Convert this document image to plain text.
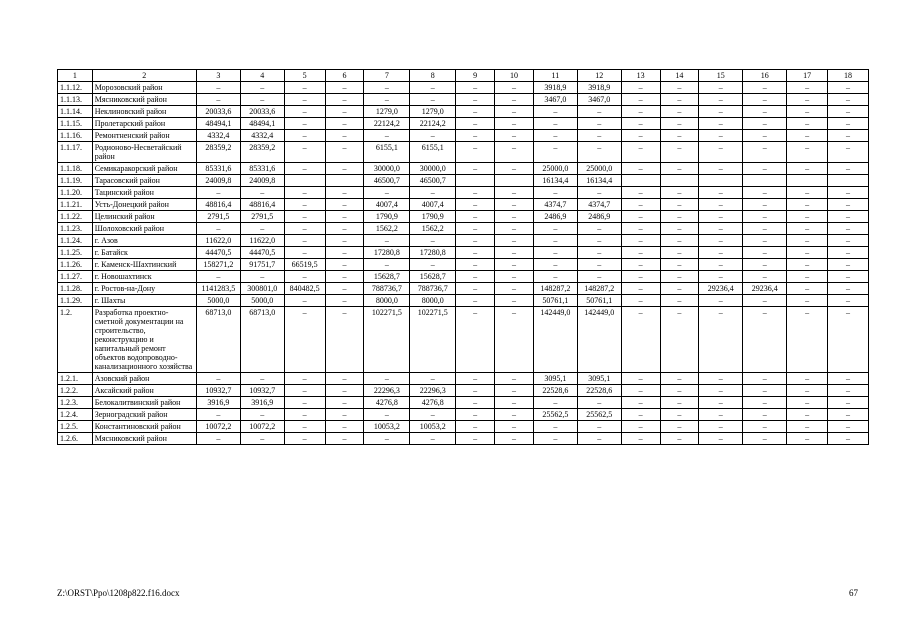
1	2	3	4	5	6	7	8	9	10	11	12	13	14	15	16	17	18
1.1.12.	Морозовский район	–	–	–	–	–	–	–	–	3918,9	3918,9	–	–	–	–	–	–
1.1.13.	Мясниковский район	–	–	–	–	–	–	–	–	3467,0	3467,0	–	–	–	–	–	–
1.1.14.	Неклиновский район	20033,6	20033,6	–	–	1279,0	1279,0	–	–	–	–	–	–	–	–	–	–
1.1.15.	Пролетарский район	48494,1	48494,1	–	–	22124,2	22124,2	–	–	–	–	–	–	–	–	–	–
1.1.16.	Ремонтненский район	4332,4	4332,4	–	–	–	–	–	–	–	–	–	–	–	–	–	–
1.1.17.	Родионово-Несветайский район	28359,2	28359,2	–	–	6155,1	6155,1	–	–	–	–	–	–	–	–	–	–
1.1.18.	Семикаракорский район	85331,6	85331,6	–	–	30000,0	30000,0	–	–	25000,0	25000,0	–	–	–	–	–	–
1.1.19.	Тарасовский район	24009,8	24009,8			46500,7	46500,7			16134,4	16134,4						
1.1.20.	Тацинский район	–	–	–	–	–	–	–	–	–	–	–	–	–	–	–	–
1.1.21.	Усть-Донецкий район	48816,4	48816,4	–	–	4007,4	4007,4	–	–	4374,7	4374,7	–	–	–	–	–	–
1.1.22.	Целинский район	2791,5	2791,5	–	–	1790,9	1790,9	–	–	2486,9	2486,9	–	–	–	–	–	–
1.1.23.	Шолоховский район	–	–	–	–	1562,2	1562,2	–	–	–	–	–	–	–	–	–	–
1.1.24.	г. Азов	11622,0	11622,0	–	–	–	–	–	–	–	–	–	–	–	–	–	–
1.1.25.	г. Батайск	44470,5	44470,5	–	–	17280,8	17280,8	–	–	–	–	–	–	–	–	–	–
1.1.26.	г. Каменск-Шахтинский	158271,2	91751,7	66519,5	–	–	–	–	–	–	–	–	–	–	–	–	–
1.1.27.	г. Новошахтинск	–	–	–	–	15628,7	15628,7	–	–	–	–	–	–	–	–	–	–
1.1.28.	г. Ростов-на-Дону	1141283,5	300801,0	840482,5	–	788736,7	788736,7	–	–	148287,2	148287,2	–	–	29236,4	29236,4	–	–
1.1.29.	г. Шахты	5000,0	5000,0	–	–	8000,0	8000,0	–	–	50761,1	50761,1	–	–	–	–	–	–
1.2.	Разработка проектно-сметной документации на строительство, реконструкцию и капитальный ремонт объектов водопроводно-канализационного хозяйства	68713,0	68713,0	–	–	102271,5	102271,5	–	–	142449,0	142449,0	–	–	–	–	–	–
1.2.1.	Азовский район	–	–	–	–	–	–	–	–	3095,1	3095,1	–	–	–	–	–	–
1.2.2.	Аксайский район	10932,7	10932,7	–	–	22296,3	22296,3	–	–	22528,6	22528,6	–	–	–	–	–	–
1.2.3.	Белокалитвинский район	3916,9	3916,9	–	–	4276,8	4276,8	–	–	–	–	–	–	–	–	–	–
1.2.4.	Зерноградский район	–	–	–	–	–	–	–	–	25562,5	25562,5	–	–	–	–	–	–
1.2.5.	Константиновский район	10072,2	10072,2	–	–	10053,2	10053,2	–	–	–	–	–	–	–	–	–	–
1.2.6.	Мясниковский район	–	–	–	–	–	–	–	–	–	–	–	–	–	–	–	–
Z:\ORST\Ppo\1208p822.f16.docx	67
